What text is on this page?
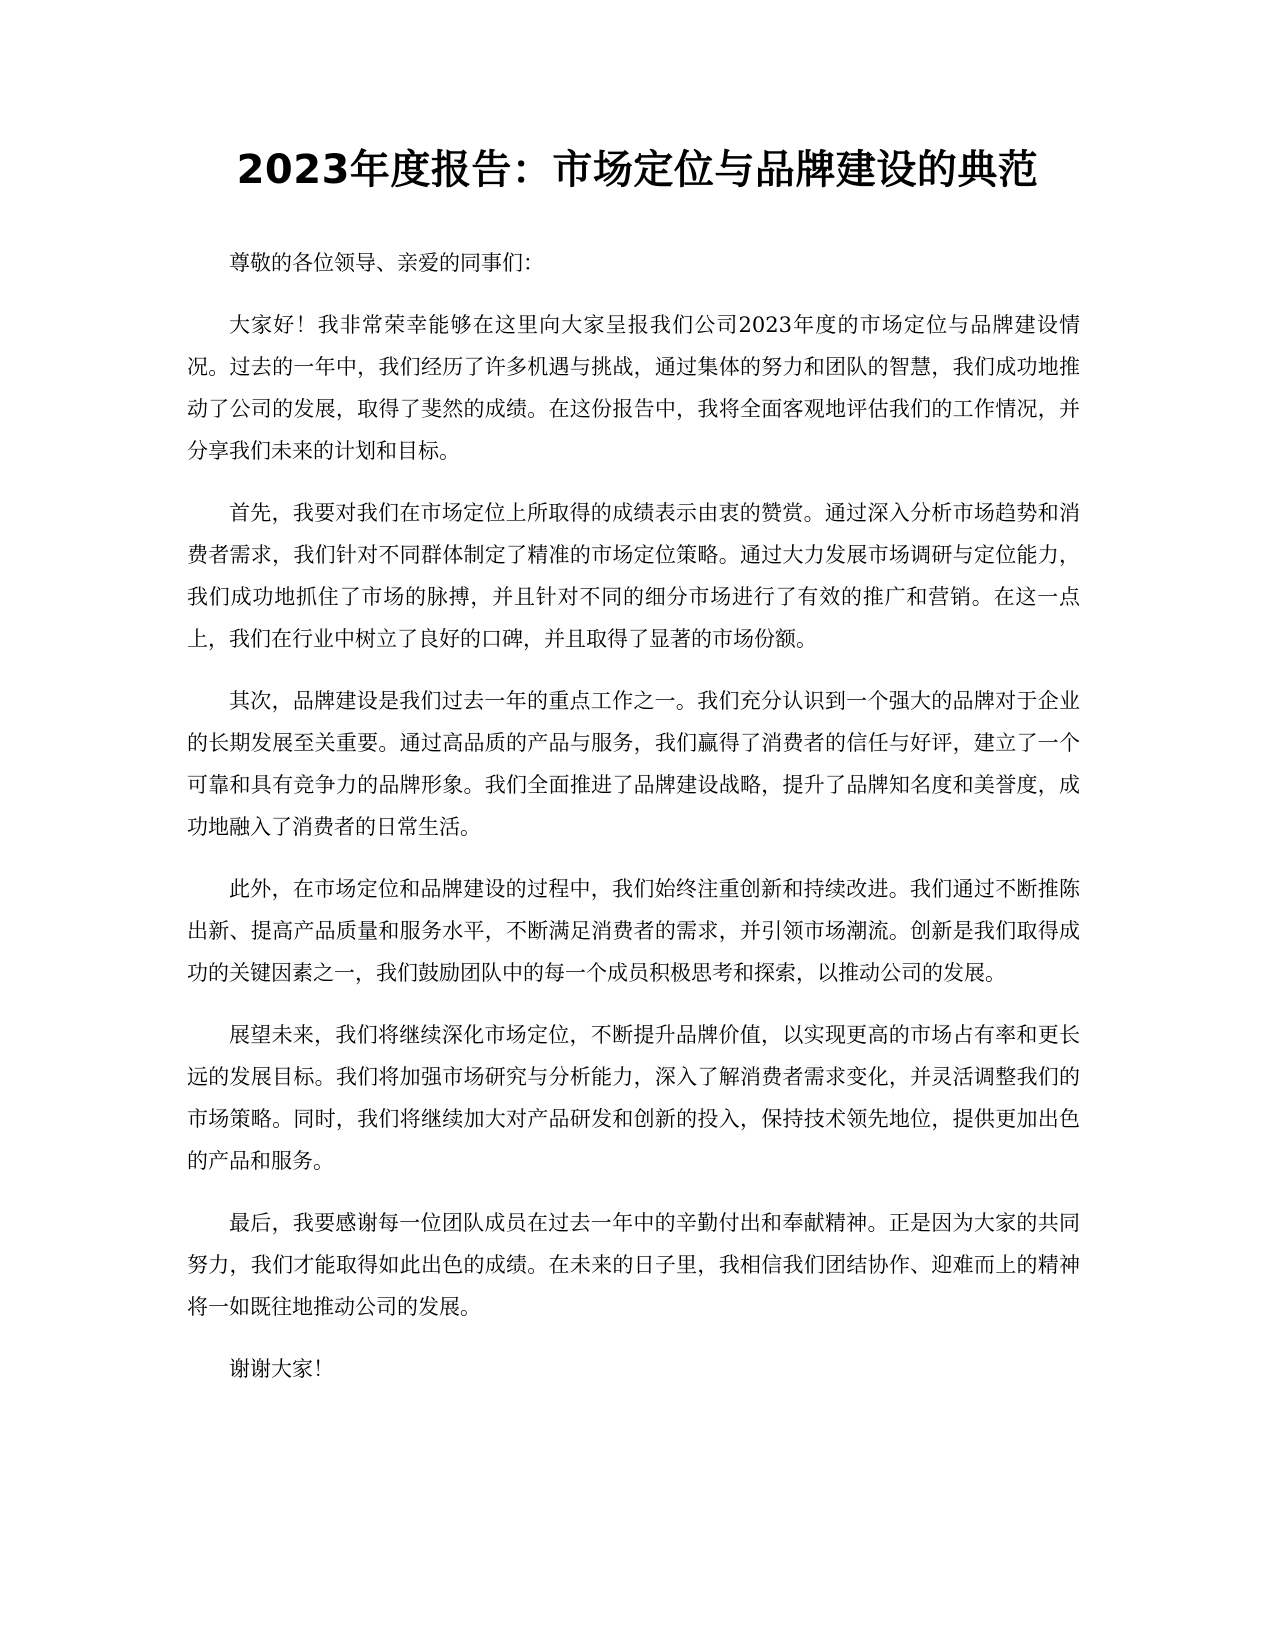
2023年度报告：市场定位与品牌建设的典范

尊敬的各位领导、亲爱的同事们：

大家好！我非常荣幸能够在这里向大家呈报我们公司2023年度的市场定位与品牌建设情况。过去的一年中，我们经历了许多机遇与挑战，通过集体的努力和团队的智慧，我们成功地推动了公司的发展，取得了斐然的成绩。在这份报告中，我将全面客观地评估我们的工作情况，并分享我们未来的计划和目标。

首先，我要对我们在市场定位上所取得的成绩表示由衷的赞赏。通过深入分析市场趋势和消费者需求，我们针对不同群体制定了精准的市场定位策略。通过大力发展市场调研与定位能力，我们成功地抓住了市场的脉搏，并且针对不同的细分市场进行了有效的推广和营销。在这一点上，我们在行业中树立了良好的口碑，并且取得了显著的市场份额。

其次，品牌建设是我们过去一年的重点工作之一。我们充分认识到一个强大的品牌对于企业的长期发展至关重要。通过高品质的产品与服务，我们赢得了消费者的信任与好评，建立了一个可靠和具有竞争力的品牌形象。我们全面推进了品牌建设战略，提升了品牌知名度和美誉度，成功地融入了消费者的日常生活。

此外，在市场定位和品牌建设的过程中，我们始终注重创新和持续改进。我们通过不断推陈出新、提高产品质量和服务水平，不断满足消费者的需求，并引领市场潮流。创新是我们取得成功的关键因素之一，我们鼓励团队中的每一个成员积极思考和探索，以推动公司的发展。

展望未来，我们将继续深化市场定位，不断提升品牌价值，以实现更高的市场占有率和更长远的发展目标。我们将加强市场研究与分析能力，深入了解消费者需求变化，并灵活调整我们的市场策略。同时，我们将继续加大对产品研发和创新的投入，保持技术领先地位，提供更加出色的产品和服务。

最后，我要感谢每一位团队成员在过去一年中的辛勤付出和奉献精神。正是因为大家的共同努力，我们才能取得如此出色的成绩。在未来的日子里，我相信我们团结协作、迎难而上的精神将一如既往地推动公司的发展。

谢谢大家！
